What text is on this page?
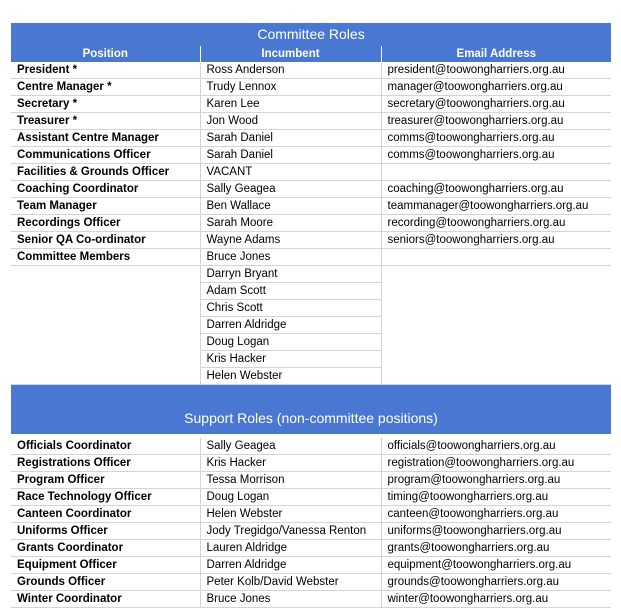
Committee Roles		
Position	Incumbent	Email Address
President *	Ross Anderson	president@toowongharriers.org.au
Centre Manager *	Trudy Lennox	manager@toowongharriers.org.au
Secretary *	Karen Lee	secretary@toowongharriers.org.au
Treasurer *	Jon Wood	treasurer@toowongharriers.org.au
Assistant Centre Manager	Sarah Daniel	comms@toowongharriers.org.au
Communications Officer	Sarah Daniel	comms@toowongharriers.org.au
Facilities & Grounds Officer	VACANT	
Coaching Coordinator	Sally Geagea	coaching@toowongharriers.org.au
Team Manager	Ben Wallace	teammanager@toowongharriers.org.au
Recordings Officer	Sarah Moore	recording@toowongharriers.org.au
Senior QA Co-ordinator	Wayne Adams	seniors@toowongharriers.org.au
Committee Members	Bruce Jones	
	Darryn Bryant	
	Adam Scott	
	Chris Scott	
	Darren Aldridge	
	Doug Logan	
	Kris Hacker	
	Helen Webster	
Support Roles (non-committee positions)		

Officials Coordinator	Sally Geagea	officials@toowongharriers.org.au
Registrations Officer	Kris Hacker	registration@toowongharriers.org.au
Program Officer	Tessa Morrison	program@toowongharriers.org.au
Race Technology Officer	Doug Logan	timing@toowongharriers.org.au
Canteen Coordinator	Helen Webster	canteen@toowongharriers.org.au
Uniforms Officer	Jody Tregidgo/Vanessa Renton	uniforms@toowongharriers.org.au
Grants Coordinator	Lauren Aldridge	grants@toowongharriers.org.au
Equipment Officer	Darren Aldridge	equipment@toowongharriers.org.au
Grounds Officer	Peter Kolb/David Webster	grounds@toowongharriers.org.au
Winter Coordinator	Bruce Jones	winter@toowongharriers.org.au
